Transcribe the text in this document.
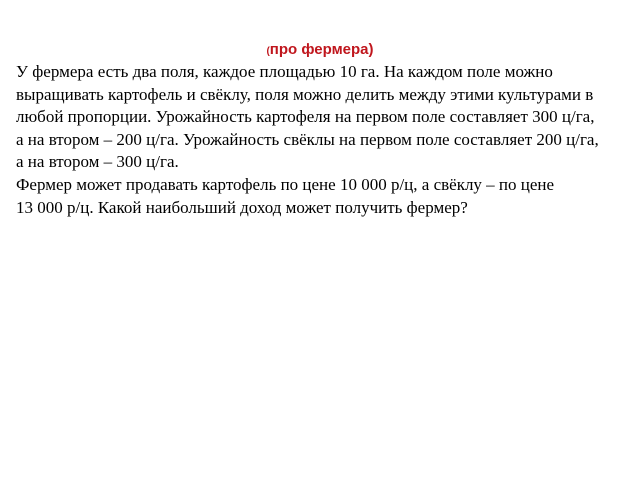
(про фермера)

У фермера есть два поля, каждое площадью 10 га. На каждом поле можно

выращивать картофель и свёклу, поля можно делить между этими культурами в

любой пропорции. Урожайность картофеля на первом поле составляет 300 ц/га,

а на втором – 200 ц/га. Урожайность свёклы на первом поле составляет 200 ц/га,

а на втором – 300 ц/га.

Фермер может продавать картофель по цене 10 000 р/ц, а свёклу – по цене

13 000 р/ц. Какой наибольший доход может получить фермер?
